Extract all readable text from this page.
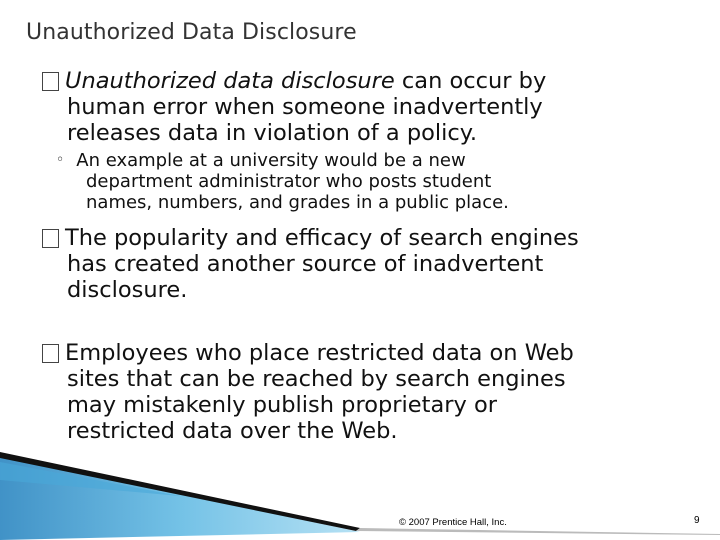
Unauthorized Data Disclosure
Unauthorized data disclosure can occur by
human error when someone inadvertently
releases data in violation of a policy.
◦ An example at a university would be a new
department administrator who posts student
names, numbers, and grades in a public place.
The popularity and efficacy of search engines
has created another source of inadvertent
disclosure.
Employees who place restricted data on Web
sites that can be reached by search engines
may mistakenly publish proprietary or
restricted data over the Web.
© 2007 Prentice Hall, Inc.	9
